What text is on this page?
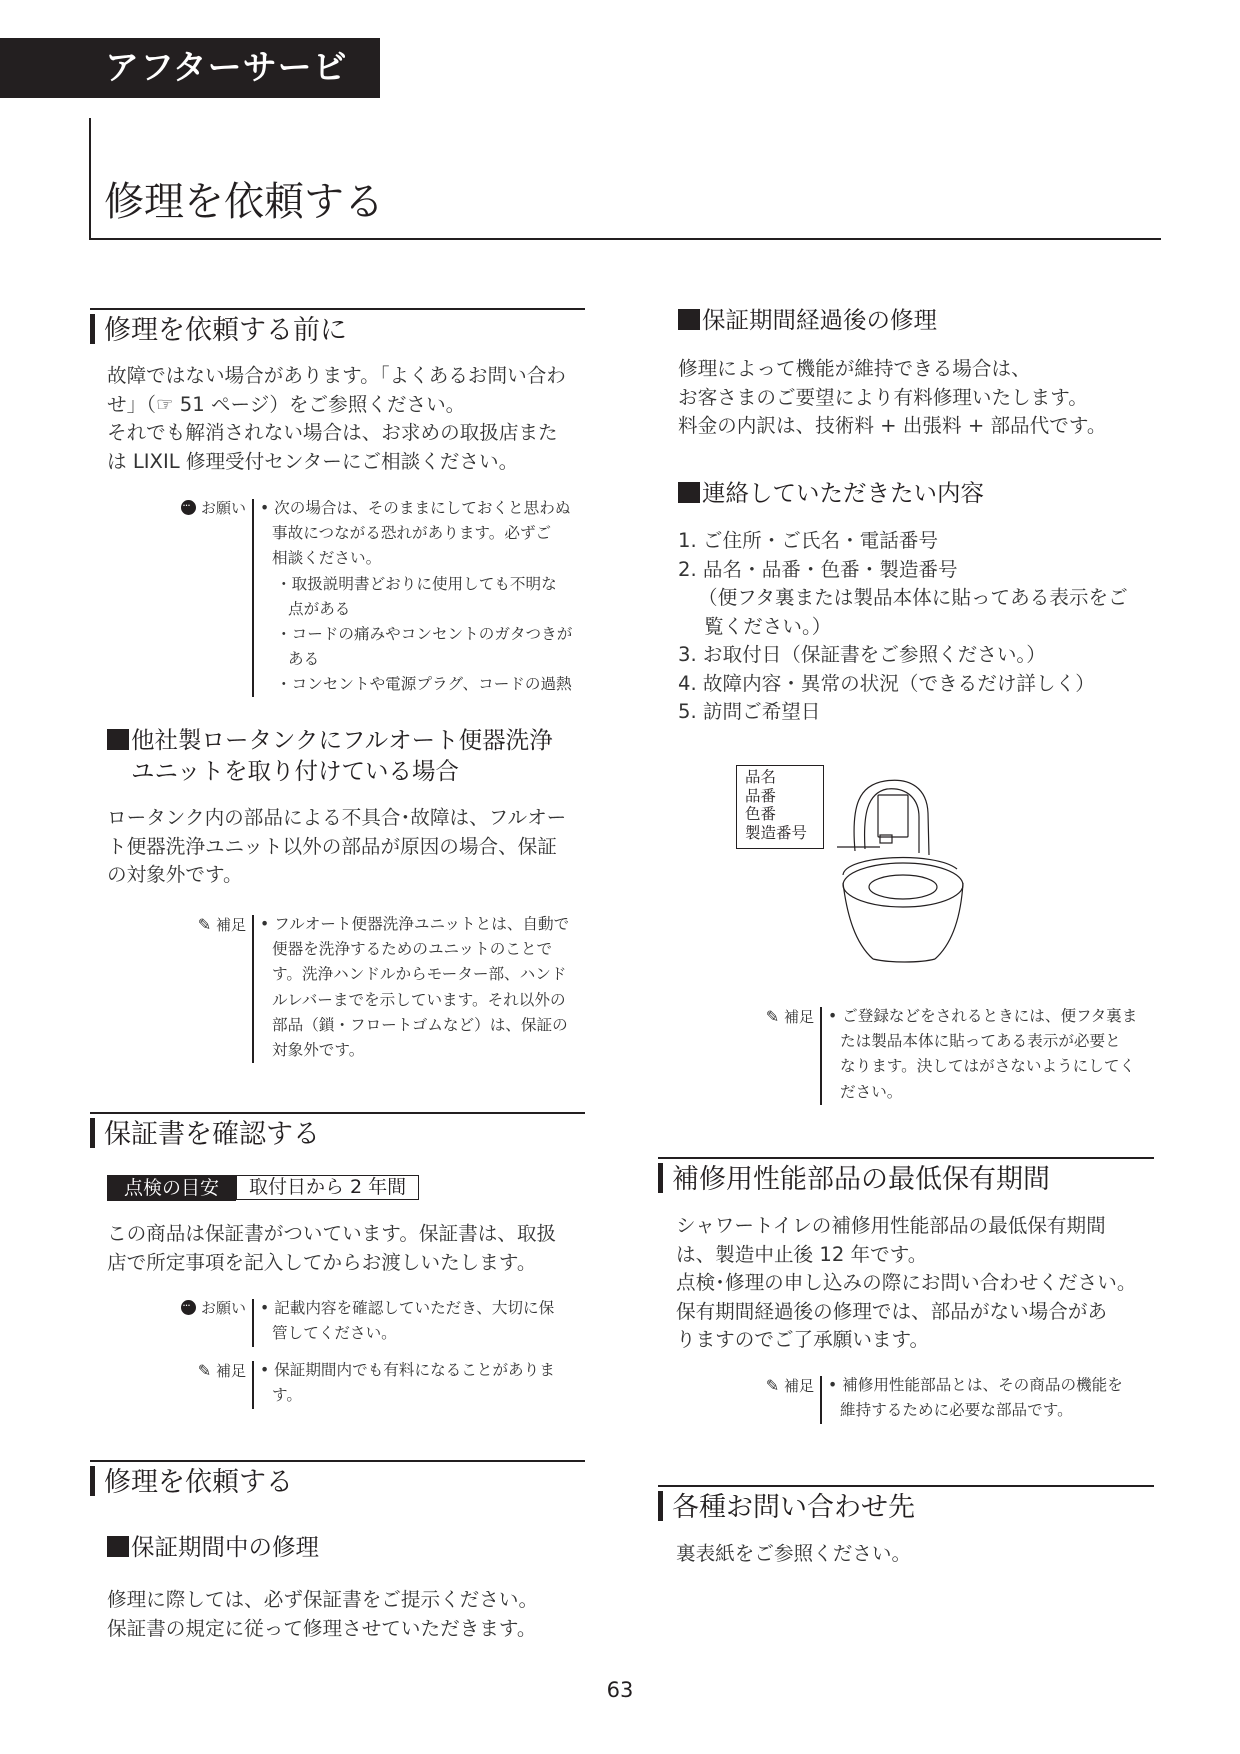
アフターサービス
修理を依頼する
修理を依頼する前に
故障ではない場合があります。「よくあるお問い合わ
せ」（☞ 51 ページ）をご参照ください。
それでも解消されない場合は、お求めの取扱店また
は LIXIL 修理受付センターにご相談ください。
··· お願い • 次の場合は、そのままにしておくと思わぬ
事故につながる恐れがあります。必ずご
相談ください。
・取扱説明書どおりに使用しても不明な
点がある
・コードの痛みやコンセントのガタつきが
ある
・コンセントや電源プラグ、コードの過熱
他社製ロータンクにフルオート便器洗浄
ユニットを取り付けている場合
ロータンク内の部品による不具合･故障は、フルオー
ト便器洗浄ユニット以外の部品が原因の場合、保証
の対象外です。
✎ 補足 • フルオート便器洗浄ユニットとは、自動で
便器を洗浄するためのユニットのことで
す。洗浄ハンドルからモーター部、ハンド
ルレバーまでを示しています。それ以外の
部品（鎖・フロートゴムなど）は、保証の
対象外です。
保証書を確認する
点検の目安 取付日から 2 年間
この商品は保証書がついています。保証書は、取扱
店で所定事項を記入してからお渡しいたします。
··· お願い • 記載内容を確認していただき、大切に保
管してください。
✎ 補足 • 保証期間内でも有料になることがありま
す。
修理を依頼する
保証期間中の修理
修理に際しては、必ず保証書をご提示ください。
保証書の規定に従って修理させていただきます。
保証期間経過後の修理
修理によって機能が維持できる場合は、
お客さまのご要望により有料修理いたします。
料金の内訳は、技術料 + 出張料 + 部品代です。
連絡していただきたい内容
1. ご住所・ご氏名・電話番号
2. 品名・品番・色番・製造番号
（便フタ裏または製品本体に貼ってある表示をご
覧ください。）
3. お取付日（保証書をご参照ください。）
4. 故障内容・異常の状況（できるだけ詳しく）
5. 訪問ご希望日
品名
品番
色番
製造番号
✎ 補足 • ご登録などをされるときには、便フタ裏ま
たは製品本体に貼ってある表示が必要と
なります。決してはがさないようにしてく
ださい。
補修用性能部品の最低保有期間
シャワートイレの補修用性能部品の最低保有期間
は、製造中止後 12 年です。
点検･修理の申し込みの際にお問い合わせください。
保有期間経過後の修理では、部品がない場合があ
りますのでご了承願います。
✎ 補足 • 補修用性能部品とは、その商品の機能を
維持するために必要な部品です。
各種お問い合わせ先
裏表紙をご参照ください。
63
